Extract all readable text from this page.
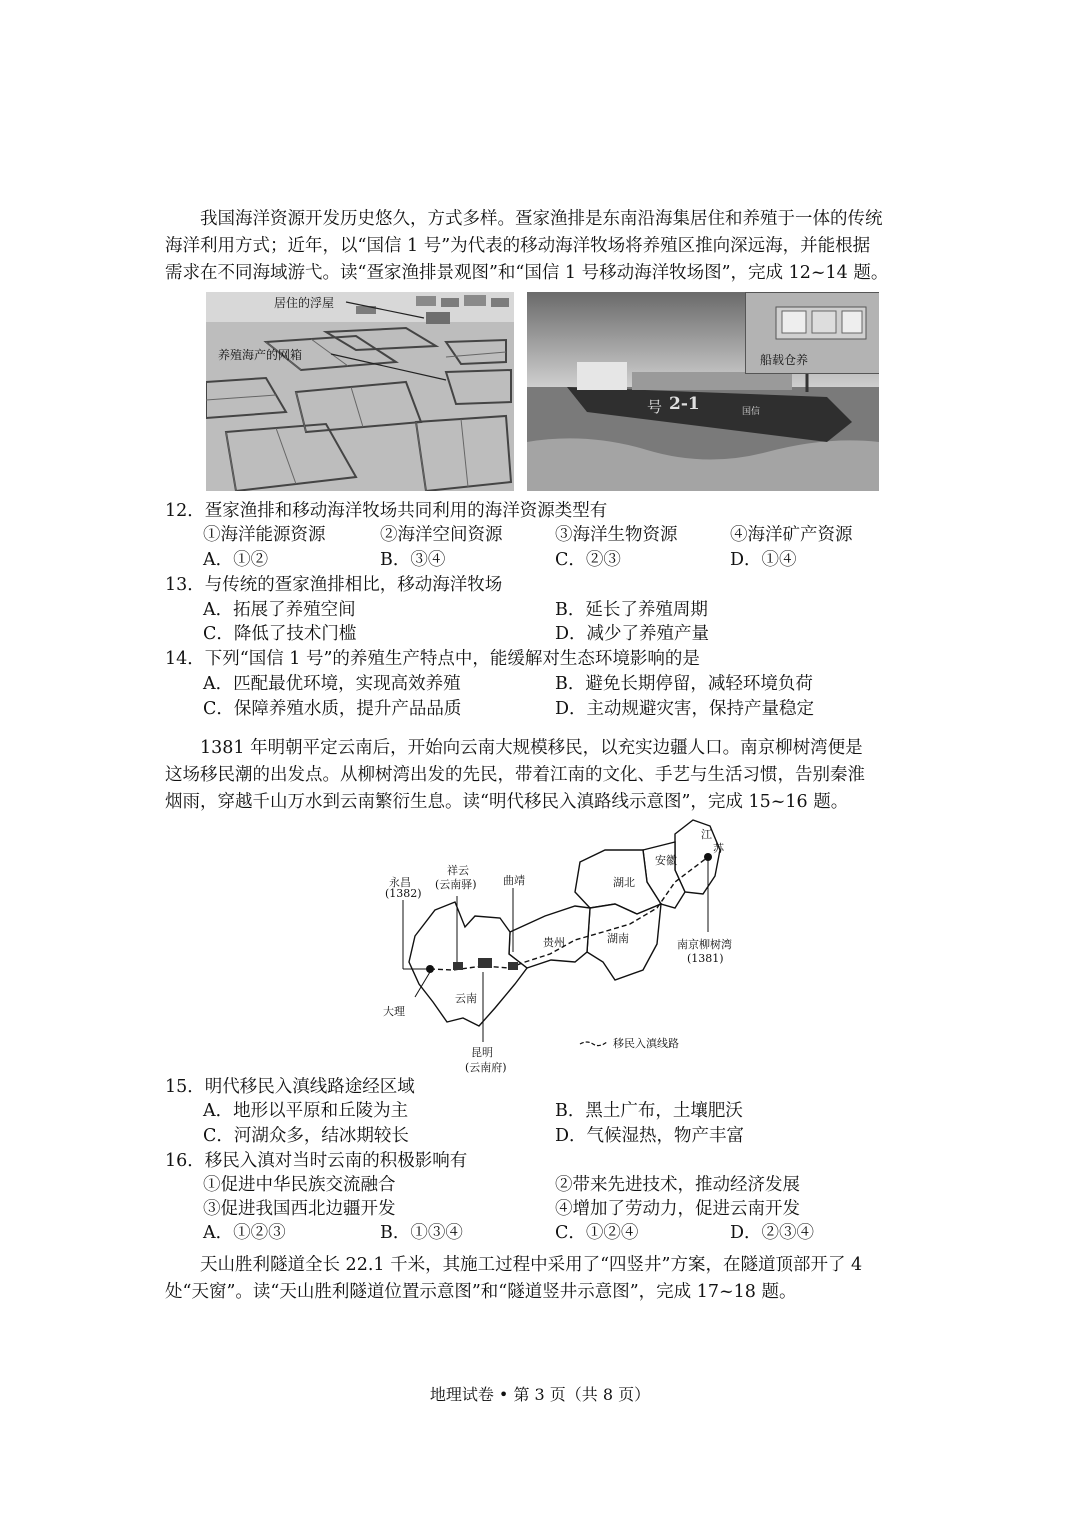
我国海洋资源开发历史悠久，方式多样。疍家渔排是东南沿海集居住和养殖于一体的传统
海洋利用方式；近年，以“国信 1 号”为代表的移动海洋牧场将养殖区推向深远海，并能根据
需求在不同海域游弋。读“疍家渔排景观图”和“国信 1 号移动海洋牧场图”，完成 12~14 题。
居住的浮屋
养殖海产的网箱
号 2-1	国信
船载仓养
12．疍家渔排和移动海洋牧场共同利用的海洋资源类型有
①海洋能源资源	②海洋空间资源	③海洋生物资源	④海洋矿产资源
A．①②	B．③④	C．②③	D．①④
13．与传统的疍家渔排相比，移动海洋牧场
A．拓展了养殖空间	B．延长了养殖周期
C．降低了技术门槛	D．减少了养殖产量
14．下列“国信 1 号”的养殖生产特点中，能缓解对生态环境影响的是
A．匹配最优环境，实现高效养殖	B．避免长期停留，减轻环境负荷
C．保障养殖水质，提升产品品质	D．主动规避灾害，保持产量稳定
1381 年明朝平定云南后，开始向云南大规模移民，以充实边疆人口。南京柳树湾便是
这场移民潮的出发点。从柳树湾出发的先民，带着江南的文化、手艺与生活习惯，告别秦淮
烟雨，穿越千山万水到云南繁衍生息。读“明代移民入滇路线示意图”，完成 15~16 题。
永昌
(1382)
祥云
(云南驿) 曲靖
大理
云南
昆明
(云南府)
贵州	湖南
湖北
安徽
江
苏
南京柳树湾
(1381)
移民入滇线路
15．明代移民入滇线路途经区域
A．地形以平原和丘陵为主	B．黑土广布，土壤肥沃
C．河湖众多，结冰期较长	D．气候湿热，物产丰富
16．移民入滇对当时云南的积极影响有
①促进中华民族交流融合	②带来先进技术，推动经济发展
③促进我国西北边疆开发	④增加了劳动力，促进云南开发
A．①②③	B．①③④	C．①②④	D．②③④
天山胜利隧道全长 22.1 千米，其施工过程中采用了“四竖井”方案，在隧道顶部开了 4
处“天窗”。读“天山胜利隧道位置示意图”和“隧道竖井示意图”，完成 17~18 题。
地理试卷 • 第 3 页（共 8 页）
